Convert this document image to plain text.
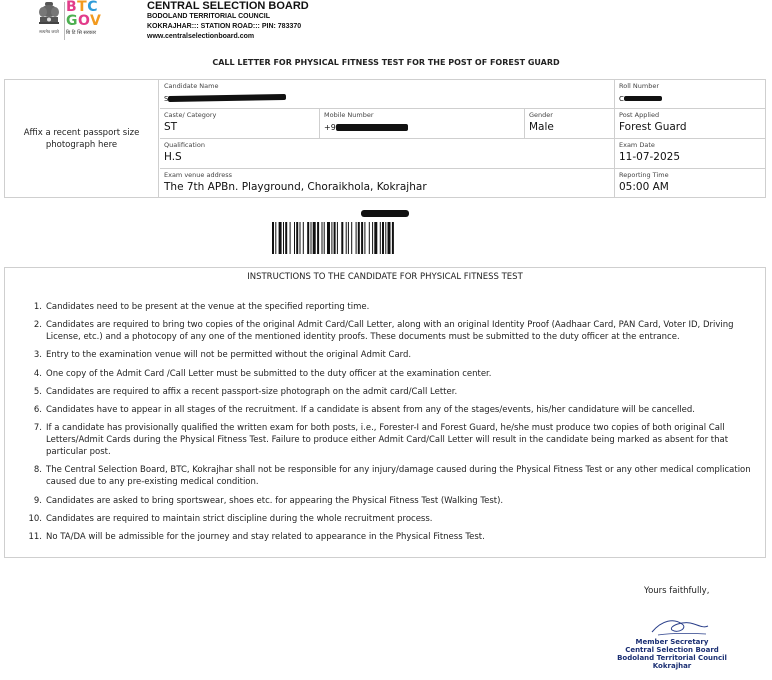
सत्यमेव जयते
BTC
GOV
बि टि सि सरकार
CENTRAL SELECTION BOARD
BODOLAND TERRITORIAL COUNCIL
KOKRAJHAR::: STATION ROAD::: PIN: 783370
www.centralselectionboard.com
CALL LETTER FOR PHYSICAL FITNESS TEST FOR THE POST OF FOREST GUARD
Affix a recent passport size photograph here
Candidate Name
S
Roll Number
C
Caste/ Category
ST
Mobile Number
+9
Gender
Male
Post Applied
Forest Guard
Qualification
H.S
Exam Date
11-07-2025
Exam venue address
The 7th APBn. Playground, Choraikhola, Kokrajhar
Reporting Time
05:00 AM
INSTRUCTIONS TO THE CANDIDATE FOR PHYSICAL FITNESS TEST
1. Candidates need to be present at the venue at the specified reporting time.
2. Candidates are required to bring two copies of the original Admit Card/Call Letter, along with an original Identity Proof (Aadhaar Card, PAN Card, Voter ID, Driving License, etc.) and a photocopy of any one of the mentioned identity proofs. These documents must be submitted to the duty officer at the entrance.
3. Entry to the examination venue will not be permitted without the original Admit Card.
4. One copy of the Admit Card /Call Letter must be submitted to the duty officer at the examination center.
5. Candidates are required to affix a recent passport-size photograph on the admit card/Call Letter.
6. Candidates have to appear in all stages of the recruitment. If a candidate is absent from any of the stages/events, his/her candidature will be cancelled.
7. If a candidate has provisionally qualified the written exam for both posts, i.e., Forester-I and Forest Guard, he/she must produce two copies of both original Call Letters/Admit Cards during the Physical Fitness Test. Failure to produce either Admit Card/Call Letter will result in the candidate being marked as absent for that particular post.
8. The Central Selection Board, BTC, Kokrajhar shall not be responsible for any injury/damage caused during the Physical Fitness Test or any other medical complication caused due to any pre-existing medical condition.
9. Candidates are asked to bring sportswear, shoes etc. for appearing the Physical Fitness Test (Walking Test).
10. Candidates are required to maintain strict discipline during the whole recruitment process.
11. No TA/DA will be admissible for the journey and stay related to appearance in the Physical Fitness Test.
Yours faithfully,
Member Secretary
Central Selection Board
Bodoland Territorial Council
Kokrajhar
